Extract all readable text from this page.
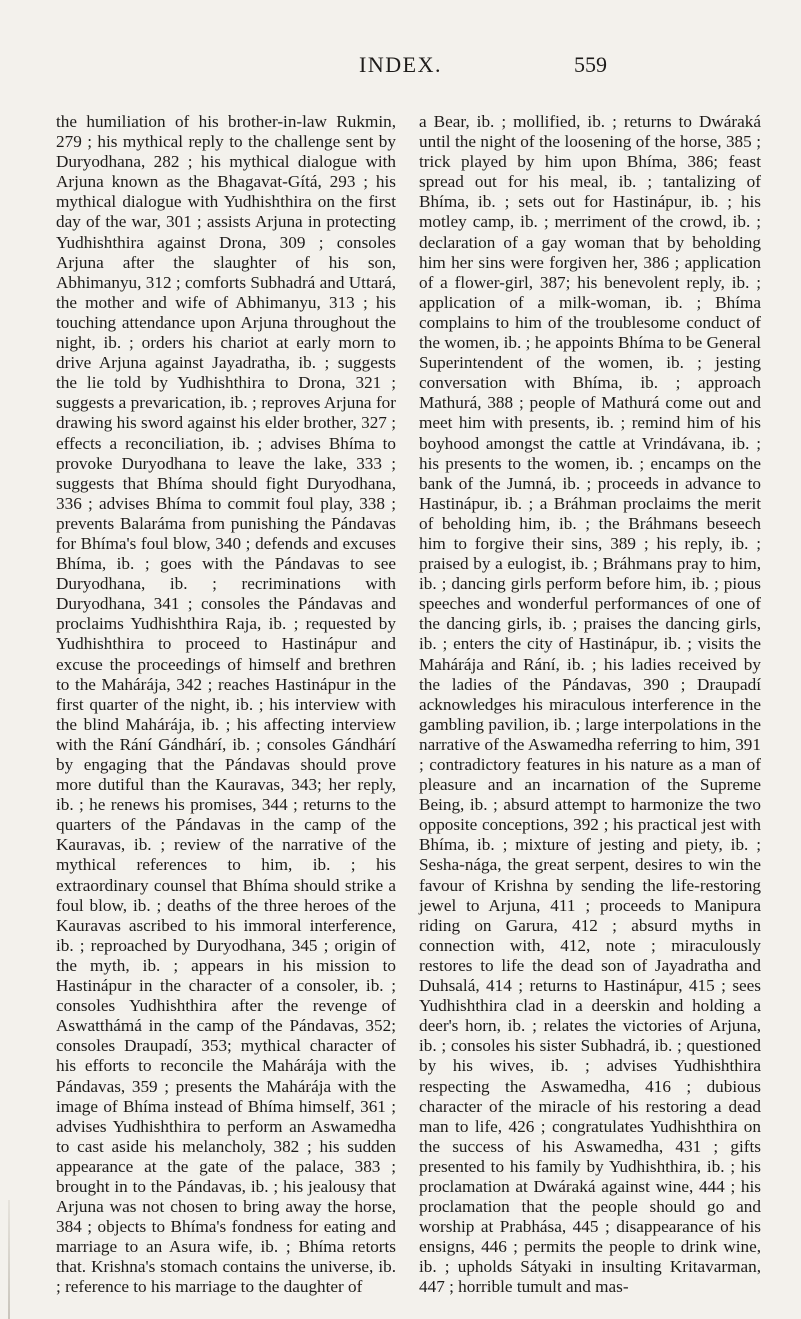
INDEX.	559

the humiliation of his brother-in-law Rukmin, 279 ; his mythical reply to the challenge sent by Duryodhana, 282 ; his mythical dialogue with Arjuna known as the Bhagavat-Gítá, 293 ; his mythical dialogue with Yudhishthira on the first day of the war, 301 ; assists Arjuna in protecting Yudhishthira against Drona, 309 ; consoles Arjuna after the slaughter of his son, Abhimanyu, 312 ; comforts Subhadrá and Uttará, the mother and wife of Abhimanyu, 313 ; his touching attendance upon Arjuna throughout the night, ib. ; orders his chariot at early morn to drive Arjuna against Jayadratha, ib. ; suggests the lie told by Yudhishthira to Drona, 321 ; suggests a prevarication, ib. ; reproves Arjuna for drawing his sword against his elder brother, 327 ; effects a reconciliation, ib. ; advises Bhíma to provoke Duryodhana to leave the lake, 333 ; suggests that Bhíma should fight Duryodhana, 336 ; advises Bhíma to commit foul play, 338 ; prevents Balaráma from punishing the Pándavas for Bhíma's foul blow, 340 ; defends and excuses Bhíma, ib. ; goes with the Pándavas to see Duryodhana, ib. ; recriminations with Duryodhana, 341 ; consoles the Pándavas and proclaims Yudhishthira Raja, ib. ; requested by Yudhishthira to proceed to Hastinápur and excuse the proceedings of himself and brethren to the Mahárája, 342 ; reaches Hastinápur in the first quarter of the night, ib. ; his interview with the blind Mahárája, ib. ; his affecting interview with the Rání Gándhárí, ib. ; consoles Gándhárí by engaging that the Pándavas should prove more dutiful than the Kauravas, 343; her reply, ib. ; he renews his promises, 344 ; returns to the quarters of the Pándavas in the camp of the Kauravas, ib. ; review of the narrative of the mythical references to him, ib. ; his extraordinary counsel that Bhíma should strike a foul blow, ib. ; deaths of the three heroes of the Kauravas ascribed to his immoral interference, ib. ; reproached by Duryodhana, 345 ; origin of the myth, ib. ; appears in his mission to Hastinápur in the character of a consoler, ib. ; consoles Yudhishthira after the revenge of Aswatthámá in the camp of the Pándavas, 352; consoles Draupadí, 353; mythical character of his efforts to reconcile the Mahárája with the Pándavas, 359 ; presents the Mahárája with the image of Bhíma instead of Bhíma himself, 361 ; advises Yudhishthira to perform an Aswamedha to cast aside his melancholy, 382 ; his sudden appearance at the gate of the palace, 383 ; brought in to the Pándavas, ib. ; his jealousy that Arjuna was not chosen to bring away the horse, 384 ; objects to Bhíma's fondness for eating and marriage to an Asura wife, ib. ; Bhíma retorts that. Krishna's stomach contains the universe, ib. ; reference to his marriage to the daughter of

a Bear, ib. ; mollified, ib. ; returns to Dwáraká until the night of the loosening of the horse, 385 ; trick played by him upon Bhíma, 386; feast spread out for his meal, ib. ; tantalizing of Bhíma, ib. ; sets out for Hastinápur, ib. ; his motley camp, ib. ; merriment of the crowd, ib. ; declaration of a gay woman that by beholding him her sins were forgiven her, 386 ; application of a flower-girl, 387; his benevolent reply, ib. ; application of a milk-woman, ib. ; Bhíma complains to him of the troublesome conduct of the women, ib. ; he appoints Bhíma to be General Superintendent of the women, ib. ; jesting conversation with Bhíma, ib. ; approach Mathurá, 388 ; people of Mathurá come out and meet him with presents, ib. ; remind him of his boyhood amongst the cattle at Vrindávana, ib. ; his presents to the women, ib. ; encamps on the bank of the Jumná, ib. ; proceeds in advance to Hastinápur, ib. ; a Bráhman proclaims the merit of beholding him, ib. ; the Bráhmans beseech him to forgive their sins, 389 ; his reply, ib. ; praised by a eulogist, ib. ; Bráhmans pray to him, ib. ; dancing girls perform before him, ib. ; pious speeches and wonderful performances of one of the dancing girls, ib. ; praises the dancing girls, ib. ; enters the city of Hastinápur, ib. ; visits the Mahárája and Rání, ib. ; his ladies received by the ladies of the Pándavas, 390 ; Draupadí acknowledges his miraculous interference in the gambling pavilion, ib. ; large interpolations in the narrative of the Aswamedha referring to him, 391 ; contradictory features in his nature as a man of pleasure and an incarnation of the Supreme Being, ib. ; absurd attempt to harmonize the two opposite conceptions, 392 ; his practical jest with Bhíma, ib. ; mixture of jesting and piety, ib. ; Sesha-nága, the great serpent, desires to win the favour of Krishna by sending the life-restoring jewel to Arjuna, 411 ; proceeds to Manipura riding on Garura, 412 ; absurd myths in connection with, 412, note ; miraculously restores to life the dead son of Jayadratha and Duhsalá, 414 ; returns to Hastinápur, 415 ; sees Yudhishthira clad in a deerskin and holding a deer's horn, ib. ; relates the victories of Arjuna, ib. ; consoles his sister Subhadrá, ib. ; questioned by his wives, ib. ; advises Yudhishthira respecting the Aswamedha, 416 ; dubious character of the miracle of his restoring a dead man to life, 426 ; congratulates Yudhishthira on the success of his Aswamedha, 431 ; gifts presented to his family by Yudhishthira, ib. ; his proclamation at Dwáraká against wine, 444 ; his proclamation that the people should go and worship at Prabhása, 445 ; disappearance of his ensigns, 446 ; permits the people to drink wine, ib. ; upholds Sátyaki in insulting Kritavarman, 447 ; horrible tumult and mas-
